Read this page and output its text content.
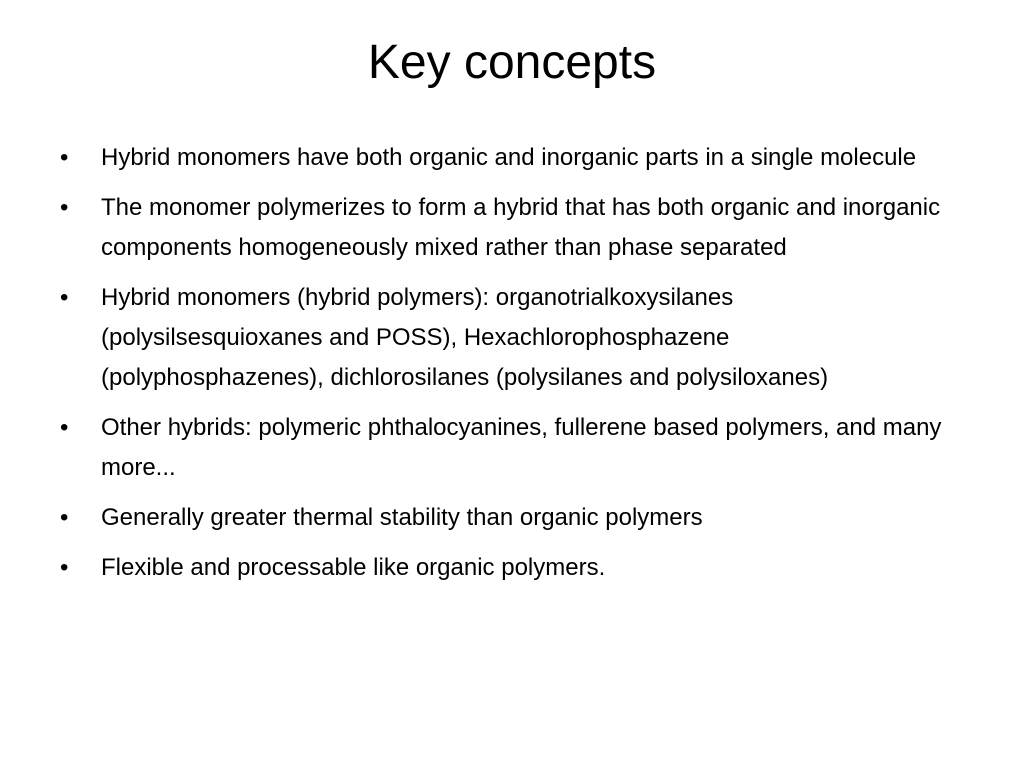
Key concepts
• Hybrid monomers have both organic and inorganic parts in a single molecule
• The monomer polymerizes to form a hybrid that has both organic and inorganic components homogeneously mixed rather than phase separated
• Hybrid monomers (hybrid polymers): organotrialkoxysilanes (polysilsesquioxanes and POSS), Hexachlorophosphazene (polyphosphazenes), dichlorosilanes (polysilanes and polysiloxanes)
• Other hybrids: polymeric phthalocyanines, fullerene based polymers, and many more...
• Generally greater thermal stability than organic polymers
• Flexible and processable like organic polymers.
